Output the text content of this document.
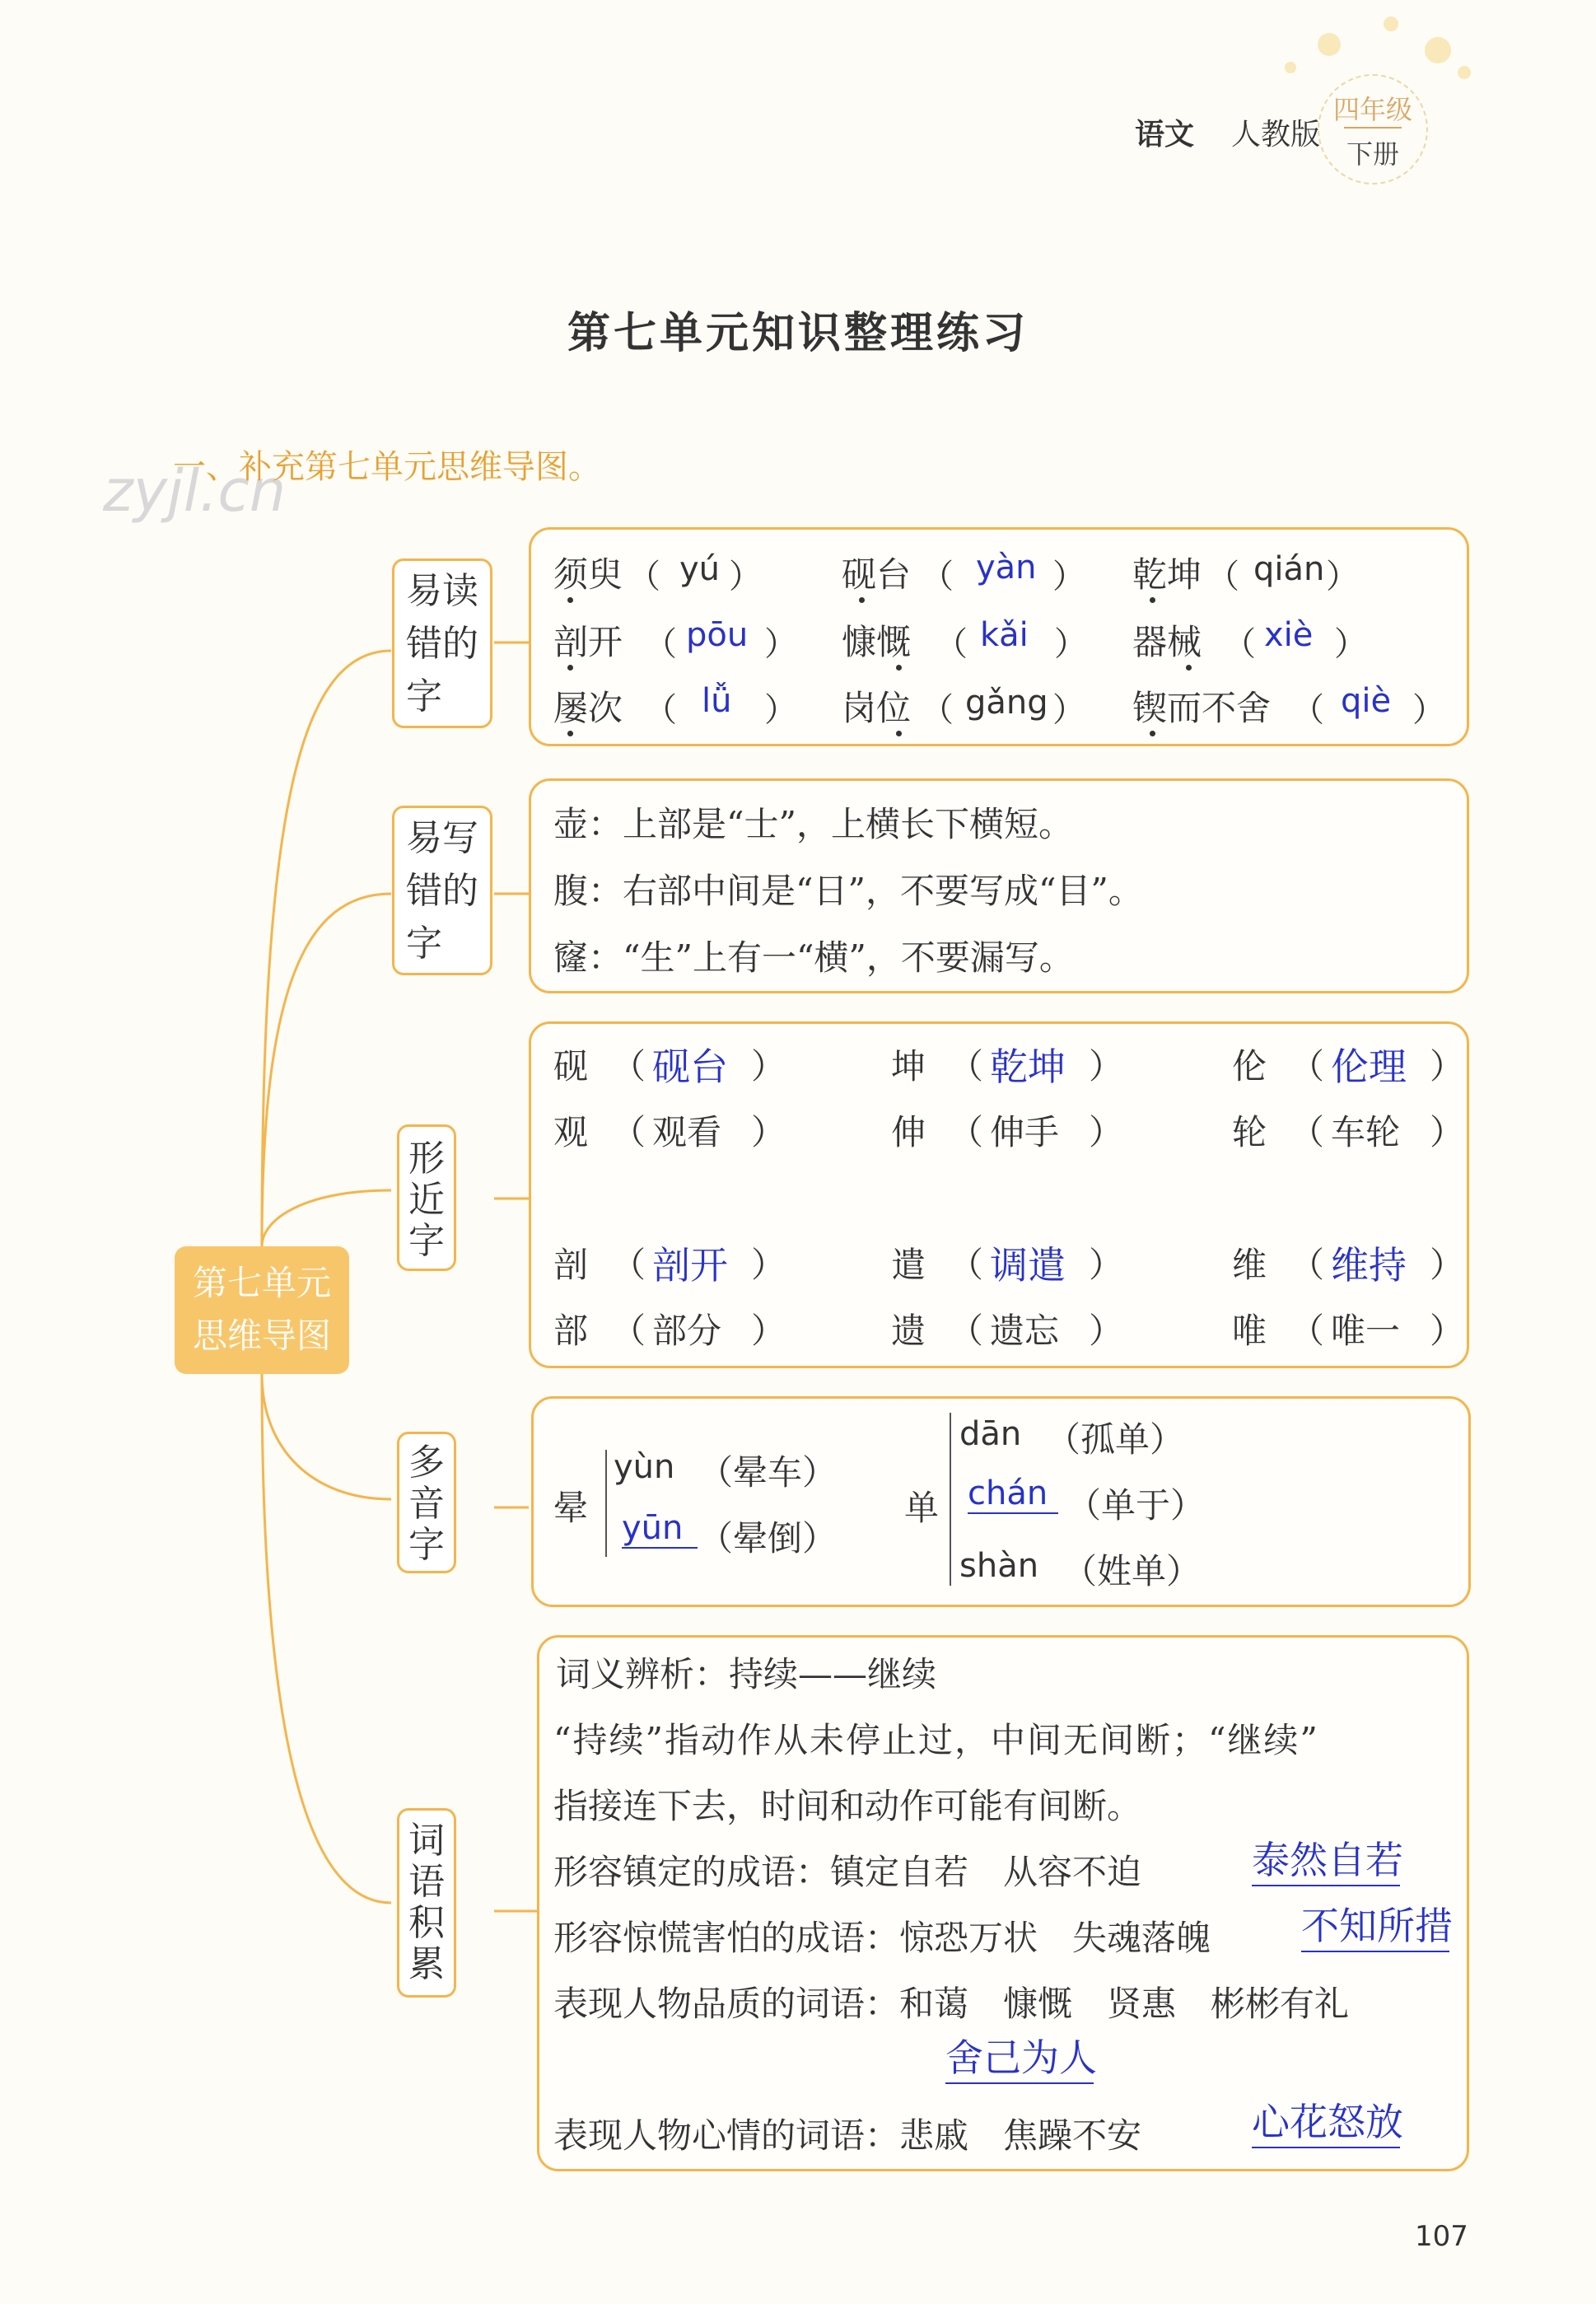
语文 人教版
四年级
下册
第七单元知识整理练习
zyjl.cn
一、补充第七单元思维导图。
第七单元
思维导图
易读
错的
字
易写
错的
字
形
近
字
多
音
字
词
语
积
累
须臾 （ yú ） 砚台 （ yàn ） 乾坤 （ qián ）
剖开 （ pōu ） 慷慨 （ kǎi ） 器械 （ xiè ）
屡次 （ lǚ ） 岗位 （ gǎng ） 锲而不舍 （ qiè ）
壶：上部是“士”，上横长下横短。
腹：右部中间是“日”，不要写成“目”。
窿：“生”上有一“横”，不要漏写。
砚 （ 砚台 ）	坤 （ 乾坤 ）	伦 （ 伦理 ）
观 （ 观看 ）	伸 （ 伸手 ）	轮 （ 车轮 ）
剖 （ 剖开 ）	遣 （ 调遣 ）	维 （ 维持 ）
部 （ 部分 ）	遗 （ 遗忘 ）	唯 （ 唯一 ）
晕
yùn （晕车）
yūn （晕倒）
单
dān （孤单）
chán （单于）
shàn （姓单）
词义辨析：持续——继续
“持续”指动作从未停止过，中间无间断；“继续”
指接连下去，时间和动作可能有间断。
形容镇定的成语：镇定自若　从容不迫	泰然自若
形容惊慌害怕的成语：惊恐万状　失魂落魄 不知所措
表现人物品质的词语：和蔼　慷慨　贤惠　彬彬有礼
舍己为人
表现人物心情的词语：悲戚　焦躁不安	心花怒放
107
